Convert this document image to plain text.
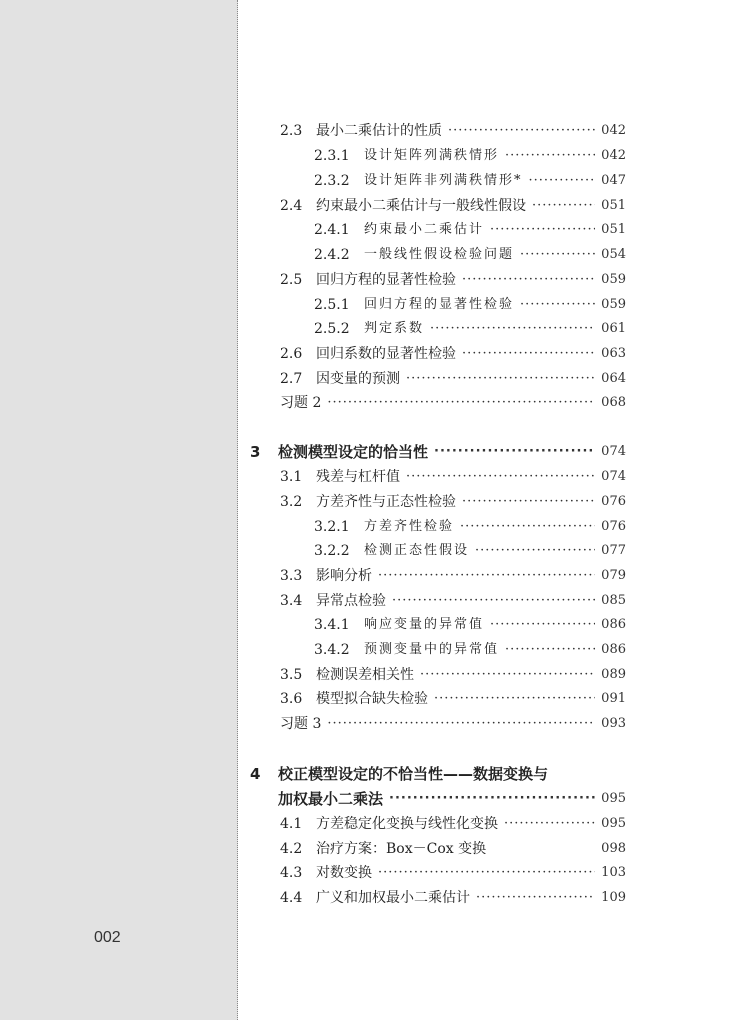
2.3 最小二乘估计的性质 ·····	042
2.3.1	设计矩阵列满秩情形 ·····	042
2.3.2	设计矩阵非列满秩情形* ·····	047
2.4 约束最小二乘估计与一般线性假设 ·····	051
2.4.1	约束最小二乘估计 ·····	051
2.4.2	一般线性假设检验问题 ·····	054
2.5 回归方程的显著性检验 ·····	059
2.5.1	回归方程的显著性检验 ·····	059
2.5.2	判定系数 ·····	061
2.6 回归系数的显著性检验 ·····	063
2.7 因变量的预测 ·····	064
习题 2 ·····	068
3	检测模型设定的恰当性 ·····	074
3.1 残差与杠杆值 ·····	074
3.2 方差齐性与正态性检验 ·····	076
3.2.1	方差齐性检验 ·····	076
3.2.2	检测正态性假设 ·····	077
3.3 影响分析 ·····	079
3.4 异常点检验 ·····	085
3.4.1	响应变量的异常值 ·····	086
3.4.2	预测变量中的异常值 ·····	086
3.5 检测误差相关性 ·····	089
3.6 模型拟合缺失检验 ·····	091
习题 3 ·····	093
4 校正模型设定的不恰当性——数据变换与
加权最小二乘法 ·····	095
4.1 方差稳定化变换与线性化变换 ·····	095
4.2 治疗方案：Box－Cox 变换	098
4.3 对数变换 ·····	103
4.4 广义和加权最小二乘估计 ·····	109
002
